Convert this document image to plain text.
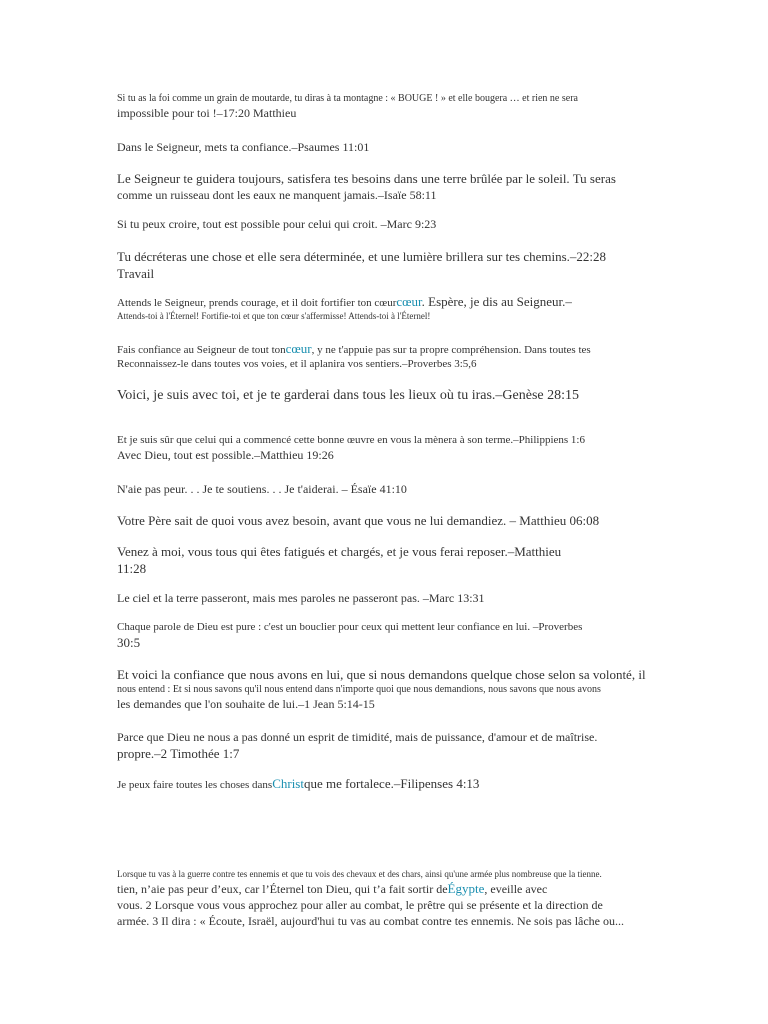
Si tu as la foi comme un grain de moutarde, tu diras à ta montagne : « BOUGE ! » et elle bougera … et rien ne sera
impossible pour toi !–17:20 Matthieu

Dans le Seigneur, mets ta confiance.–Psaumes 11:01

Le Seigneur te guidera toujours, satisfera tes besoins dans une terre brûlée par le soleil. Tu seras
comme un ruisseau dont les eaux ne manquent jamais.–Isaïe 58:11

Si tu peux croire, tout est possible pour celui qui croit. –Marc 9:23

Tu décréteras une chose et elle sera déterminée, et une lumière brillera sur tes chemins.–22:28
Travail

Attends le Seigneur, prends courage, et il doit fortifier ton cœurcœur. Espère, je dis au Seigneur.–
Attends-toi à l'Éternel! Fortifie-toi et que ton cœur s'affermisse! Attends-toi à l'Éternel!

Fais confiance au Seigneur de tout toncœur, y ne t'appuie pas sur ta propre compréhension. Dans toutes tes
Reconnaissez-le dans toutes vos voies, et il aplanira vos sentiers.–Proverbes 3:5,6

Voici, je suis avec toi, et je te garderai dans tous les lieux où tu iras.–Genèse 28:15

Et je suis sûr que celui qui a commencé cette bonne œuvre en vous la mènera à son terme.–Philippiens 1:6
Avec Dieu, tout est possible.–Matthieu 19:26

N'aie pas peur. . . Je te soutiens. . . Je t'aiderai. – Ésaïe 41:10

Votre Père sait de quoi vous avez besoin, avant que vous ne lui demandiez. – Matthieu 06:08

Venez à moi, vous tous qui êtes fatigués et chargés, et je vous ferai reposer.–Matthieu
11:28

Le ciel et la terre passeront, mais mes paroles ne passeront pas. –Marc 13:31

Chaque parole de Dieu est pure : c'est un bouclier pour ceux qui mettent leur confiance en lui. –Proverbes
30:5

Et voici la confiance que nous avons en lui, que si nous demandons quelque chose selon sa volonté, il
nous entend : Et si nous savons qu'il nous entend dans n'importe quoi que nous demandions, nous savons que nous avons
les demandes que l'on souhaite de lui.–1 Jean 5:14-15

Parce que Dieu ne nous a pas donné un esprit de timidité, mais de puissance, d'amour et de maîtrise.
propre.–2 Timothée 1:7

Je peux faire toutes les choses dansChristque me fortalece.–Filipenses 4:13

Lorsque tu vas à la guerre contre tes ennemis et que tu vois des chevaux et des chars, ainsi qu'une armée plus nombreuse que la tienne.
tien, n’aie pas peur d’eux, car l’Éternel ton Dieu, qui t’a fait sortir deÉgypte, eveille avec
vous. 2 Lorsque vous vous approchez pour aller au combat, le prêtre qui se présente et la direction de
armée. 3 Il dira : « Écoute, Israël, aujourd'hui tu vas au combat contre tes ennemis. Ne sois pas lâche ou...
